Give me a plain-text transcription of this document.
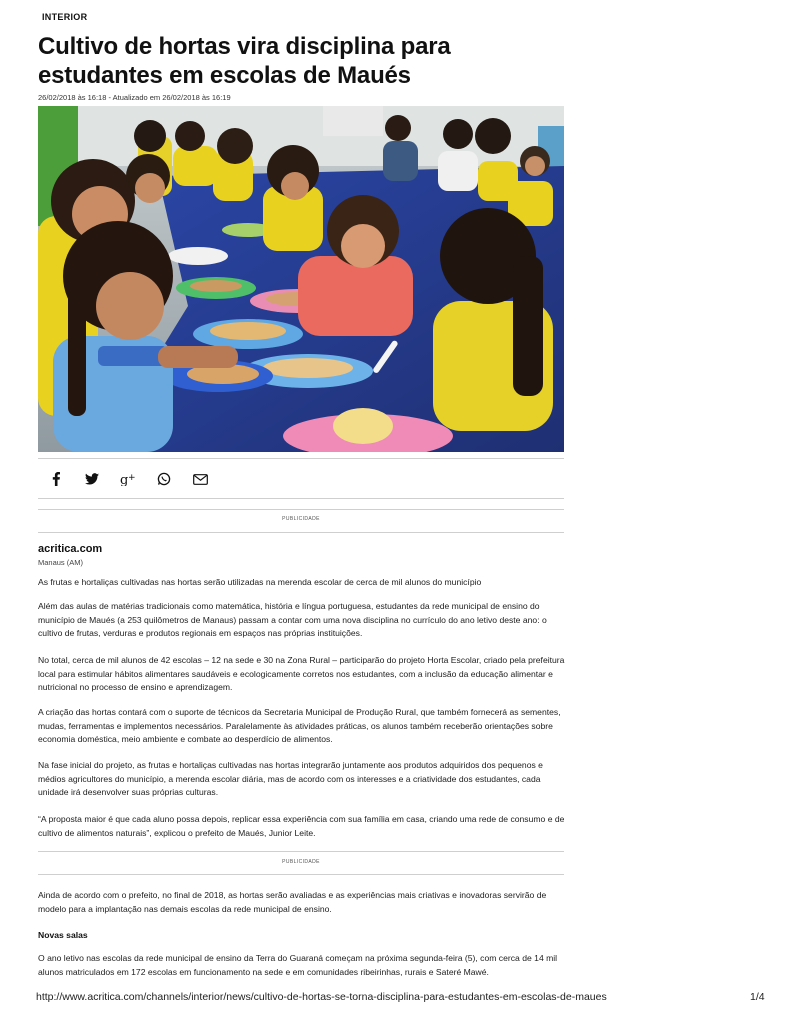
INTERIOR
Cultivo de hortas vira disciplina para estudantes em escolas de Maués
26/02/2018 às 16:18 - Atualizado em 26/02/2018 às 16:19
g +
PUBLICIDADE
acritica.com
Manaus (AM)

As frutas e hortaliças cultivadas nas hortas serão utilizadas na merenda escolar de cerca de mil alunos do município

Além das aulas de matérias tradicionais como matemática, história e língua portuguesa, estudantes da rede municipal de ensino do município de Maués (a 253 quilômetros de Manaus) passam a contar com uma nova disciplina no currículo do ano letivo deste ano: o cultivo de frutas, verduras e produtos regionais em espaços nas próprias instituições.

No total, cerca de mil alunos de 42 escolas – 12 na sede e 30 na Zona Rural – participarão do projeto Horta Escolar, criado pela prefeitura local para estimular hábitos alimentares saudáveis e ecologicamente corretos nos estudantes, com a inclusão da educação alimentar e nutricional no processo de ensino e aprendizagem.

A criação das hortas contará com o suporte de técnicos da Secretaria Municipal de Produção Rural, que também fornecerá as sementes, mudas, ferramentas e implementos necessários. Paralelamente às atividades práticas, os alunos também receberão orientações sobre economia doméstica, meio ambiente e combate ao desperdício de alimentos.

Na fase inicial do projeto, as frutas e hortaliças cultivadas nas hortas integrarão juntamente aos produtos adquiridos dos pequenos e médios agricultores do município, a merenda escolar diária, mas de acordo com os interesses e a criatividade dos estudantes, cada unidade irá desenvolver suas próprias culturas.

“A proposta maior é que cada aluno possa depois, replicar essa experiência com sua família em casa, criando uma rede de consumo e de cultivo de alimentos naturais”, explicou o prefeito de Maués, Junior Leite.

PUBLICIDADE

Ainda de acordo com o prefeito, no final de 2018, as hortas serão avaliadas e as experiências mais criativas e inovadoras servirão de modelo para a implantação nas demais escolas da rede municipal de ensino.

Novas salas

O ano letivo nas escolas da rede municipal de ensino da Terra do Guaraná começam na próxima segunda-feira (5), com cerca de 14 mil alunos matriculados em 172 escolas em funcionamento na sede e em comunidades ribeirinhas, rurais e Sateré Mawé.

http://www.acritica.com/channels/interior/news/cultivo-de-hortas-se-torna-disciplina-para-estudantes-em-escolas-de-maues	1/4
